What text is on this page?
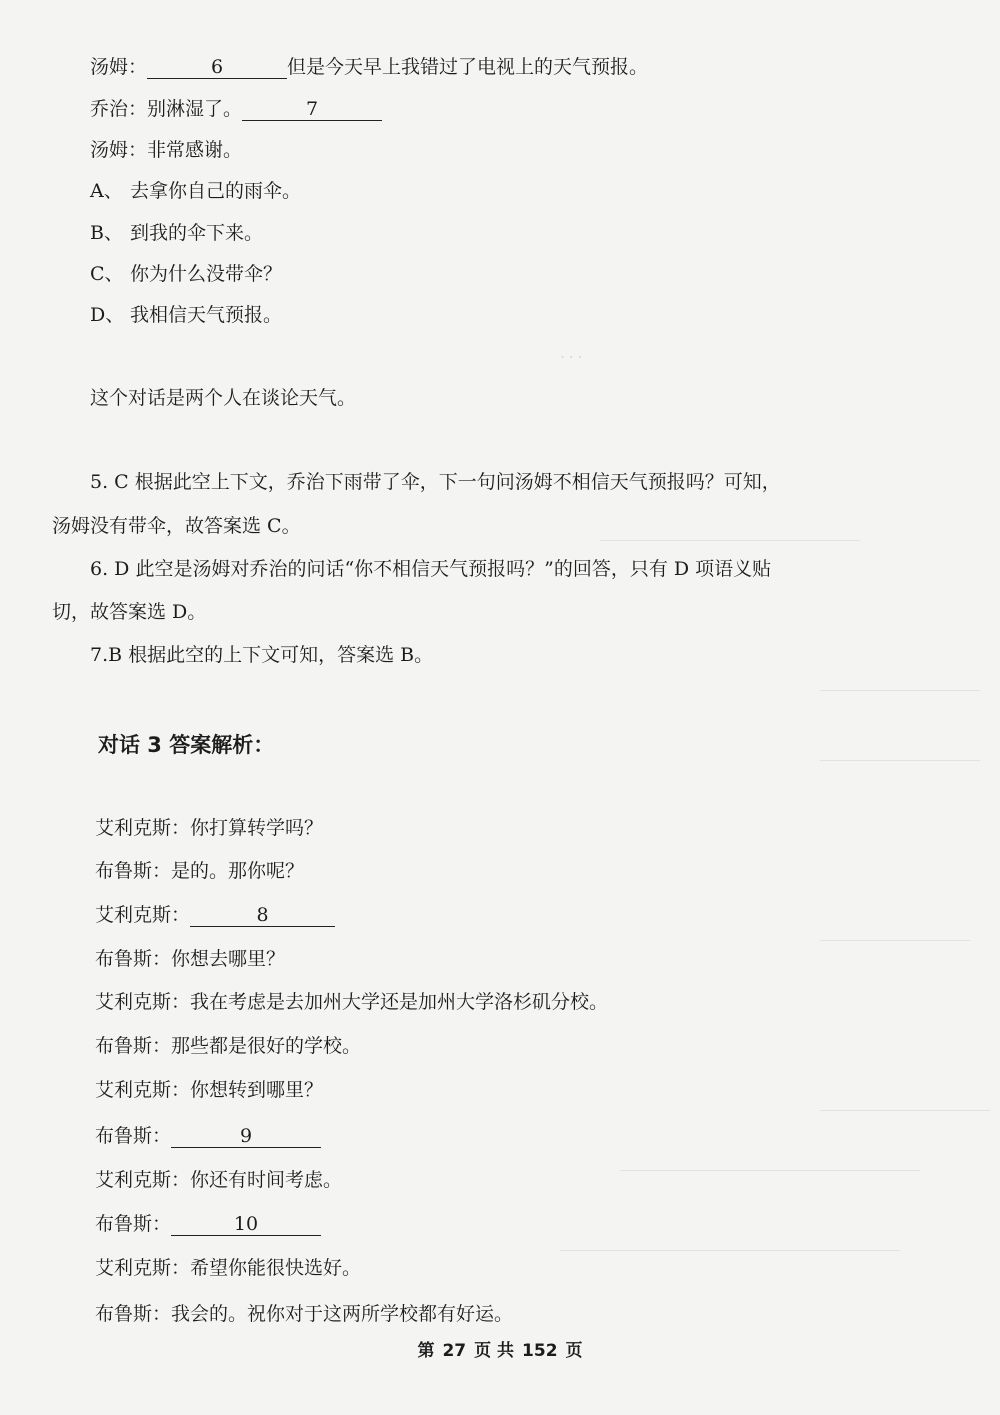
· · ·
汤姆：	6	但是今天早上我错过了电视上的天气预报。
乔治：别淋湿了。	7
汤姆：非常感谢。
A、 去拿你自己的雨伞。
B、 到我的伞下来。
C、 你为什么没带伞？
D、 我相信天气预报。
这个对话是两个人在谈论天气。
5. C 根据此空上下文，乔治下雨带了伞，下一句问汤姆不相信天气预报吗？可知，
汤姆没有带伞，故答案选 C。
6. D 此空是汤姆对乔治的问话“你不相信天气预报吗？”的回答，只有 D 项语义贴
切，故答案选 D。
7.B 根据此空的上下文可知，答案选 B。
对话 3 答案解析：
艾利克斯：你打算转学吗？
布鲁斯：是的。那你呢？
艾利克斯：	8
布鲁斯：你想去哪里？
艾利克斯：我在考虑是去加州大学还是加州大学洛杉矶分校。
布鲁斯：那些都是很好的学校。
艾利克斯：你想转到哪里？
布鲁斯：	9
艾利克斯：你还有时间考虑。
布鲁斯：	10
艾利克斯：希望你能很快选好。
布鲁斯：我会的。祝你对于这两所学校都有好运。
第 27 页 共 152 页
